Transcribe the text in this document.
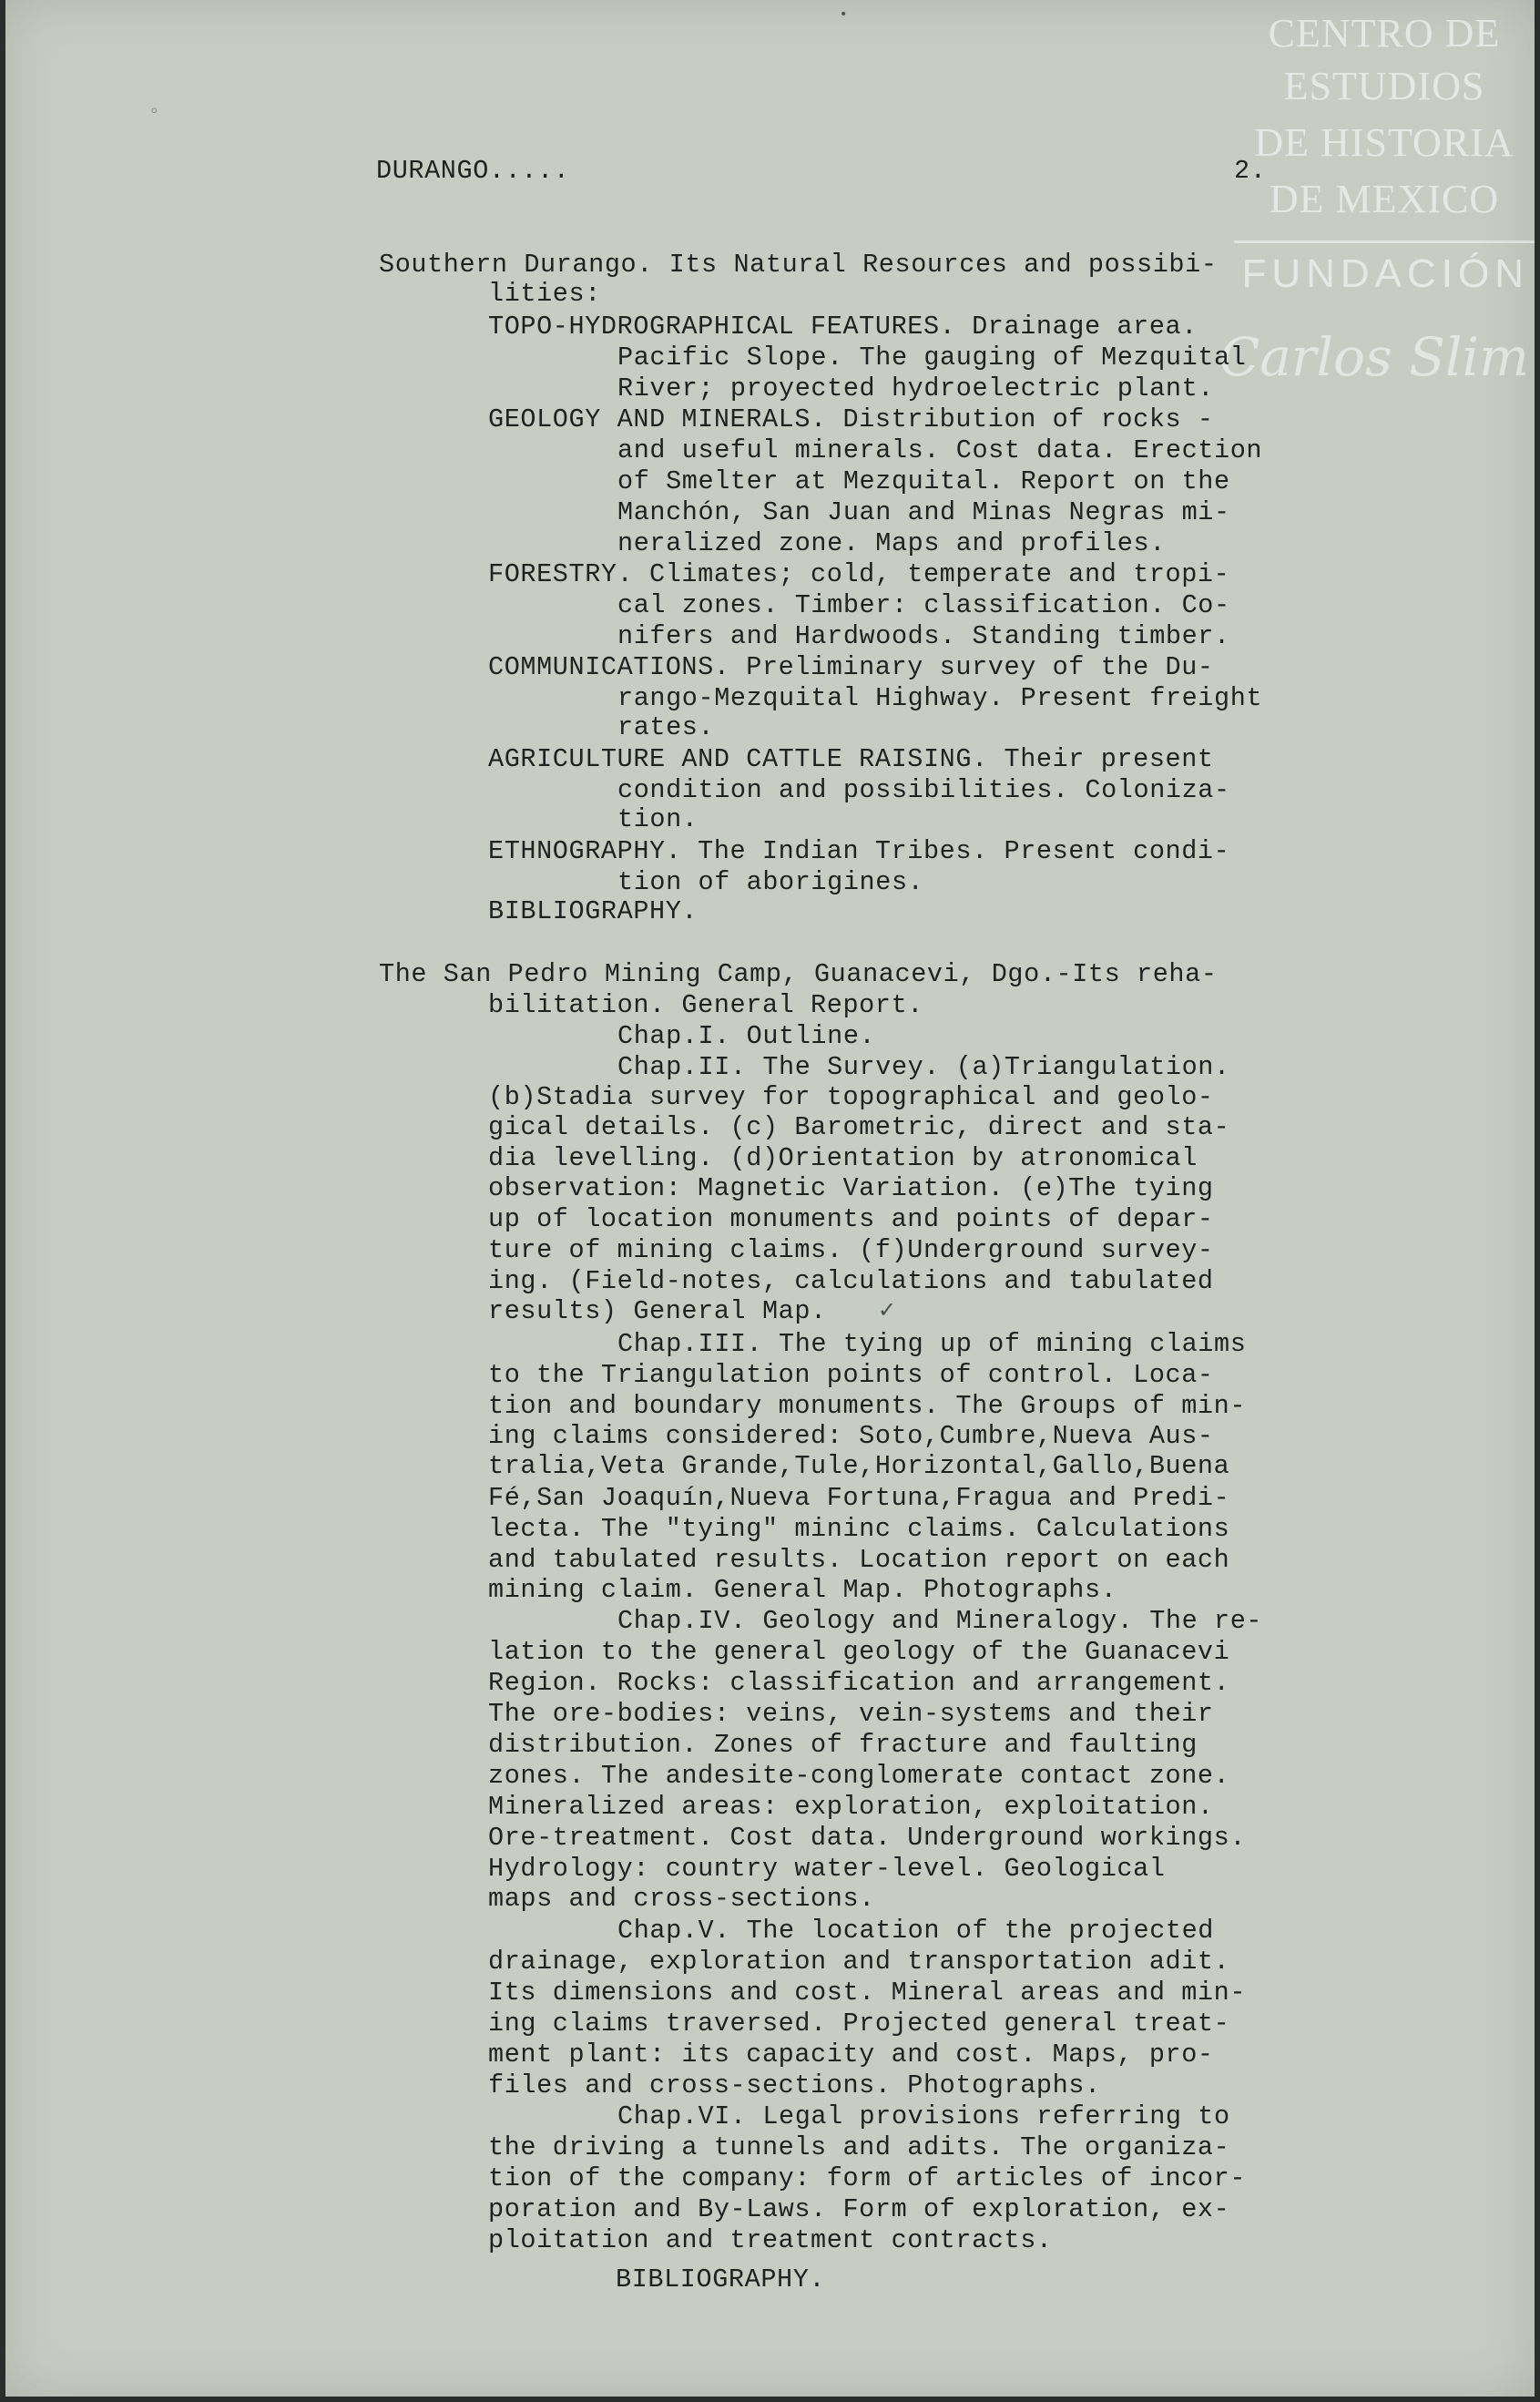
CENTRO DE
ESTUDIOS
DE HISTORIA
DE MEXICO
FUNDACIÓN
Carlos Slim
◦
•
DURANGO.....	2.
Southern Durango. Its Natural Resources and possibi-
lities:
TOPO-HYDROGRAPHICAL FEATURES. Drainage area.
Pacific Slope. The gauging of Mezquital
River; proyected hydroelectric plant.
GEOLOGY AND MINERALS. Distribution of rocks -
and useful minerals. Cost data. Erection
of Smelter at Mezquital. Report on the
Manchón, San Juan and Minas Negras mi-
neralized zone. Maps and profiles.
FORESTRY. Climates; cold, temperate and tropi-
cal zones. Timber: classification. Co-
nifers and Hardwoods. Standing timber.
COMMUNICATIONS. Preliminary survey of the Du-
rango-Mezquital Highway. Present freight
rates.
AGRICULTURE AND CATTLE RAISING. Their present
condition and possibilities. Coloniza-
tion.
ETHNOGRAPHY. The Indian Tribes. Present condi-
tion of aborigines.
BIBLIOGRAPHY.
The San Pedro Mining Camp, Guanacevi, Dgo.-Its reha-
bilitation. General Report.
Chap.I. Outline.
Chap.II. The Survey. (a)Triangulation.
(b)Stadia survey for topographical and geolo-
gical details. (c) Barometric, direct and sta-
dia levelling. (d)Orientation by atronomical
observation: Magnetic Variation. (e)The tying
up of location monuments and points of depar-
ture of mining claims. (f)Underground survey-
ing. (Field-notes, calculations and tabulated
results) General Map. ✓
Chap.III. The tying up of mining claims
to the Triangulation points of control. Loca-
tion and boundary monuments. The Groups of min-
ing claims considered: Soto,Cumbre,Nueva Aus-
tralia,Veta Grande,Tule,Horizontal,Gallo,Buena
Fé,San Joaquín,Nueva Fortuna,Fragua and Predi-
lecta. The "tying" mininc claims. Calculations
and tabulated results. Location report on each
mining claim. General Map. Photographs.
Chap.IV. Geology and Mineralogy. The re-
lation to the general geology of the Guanacevi
Region. Rocks: classification and arrangement.
The ore-bodies: veins, vein-systems and their
distribution. Zones of fracture and faulting
zones. The andesite-conglomerate contact zone.
Mineralized areas: exploration, exploitation.
Ore-treatment. Cost data. Underground workings.
Hydrology: country water-level. Geological
maps and cross-sections.
Chap.V. The location of the projected
drainage, exploration and transportation adit.
Its dimensions and cost. Mineral areas and min-
ing claims traversed. Projected general treat-
ment plant: its capacity and cost. Maps, pro-
files and cross-sections. Photographs.
Chap.VI. Legal provisions referring to
the driving a tunnels and adits. The organiza-
tion of the company: form of articles of incor-
poration and By-Laws. Form of exploration, ex-
ploitation and treatment contracts.
BIBLIOGRAPHY.
